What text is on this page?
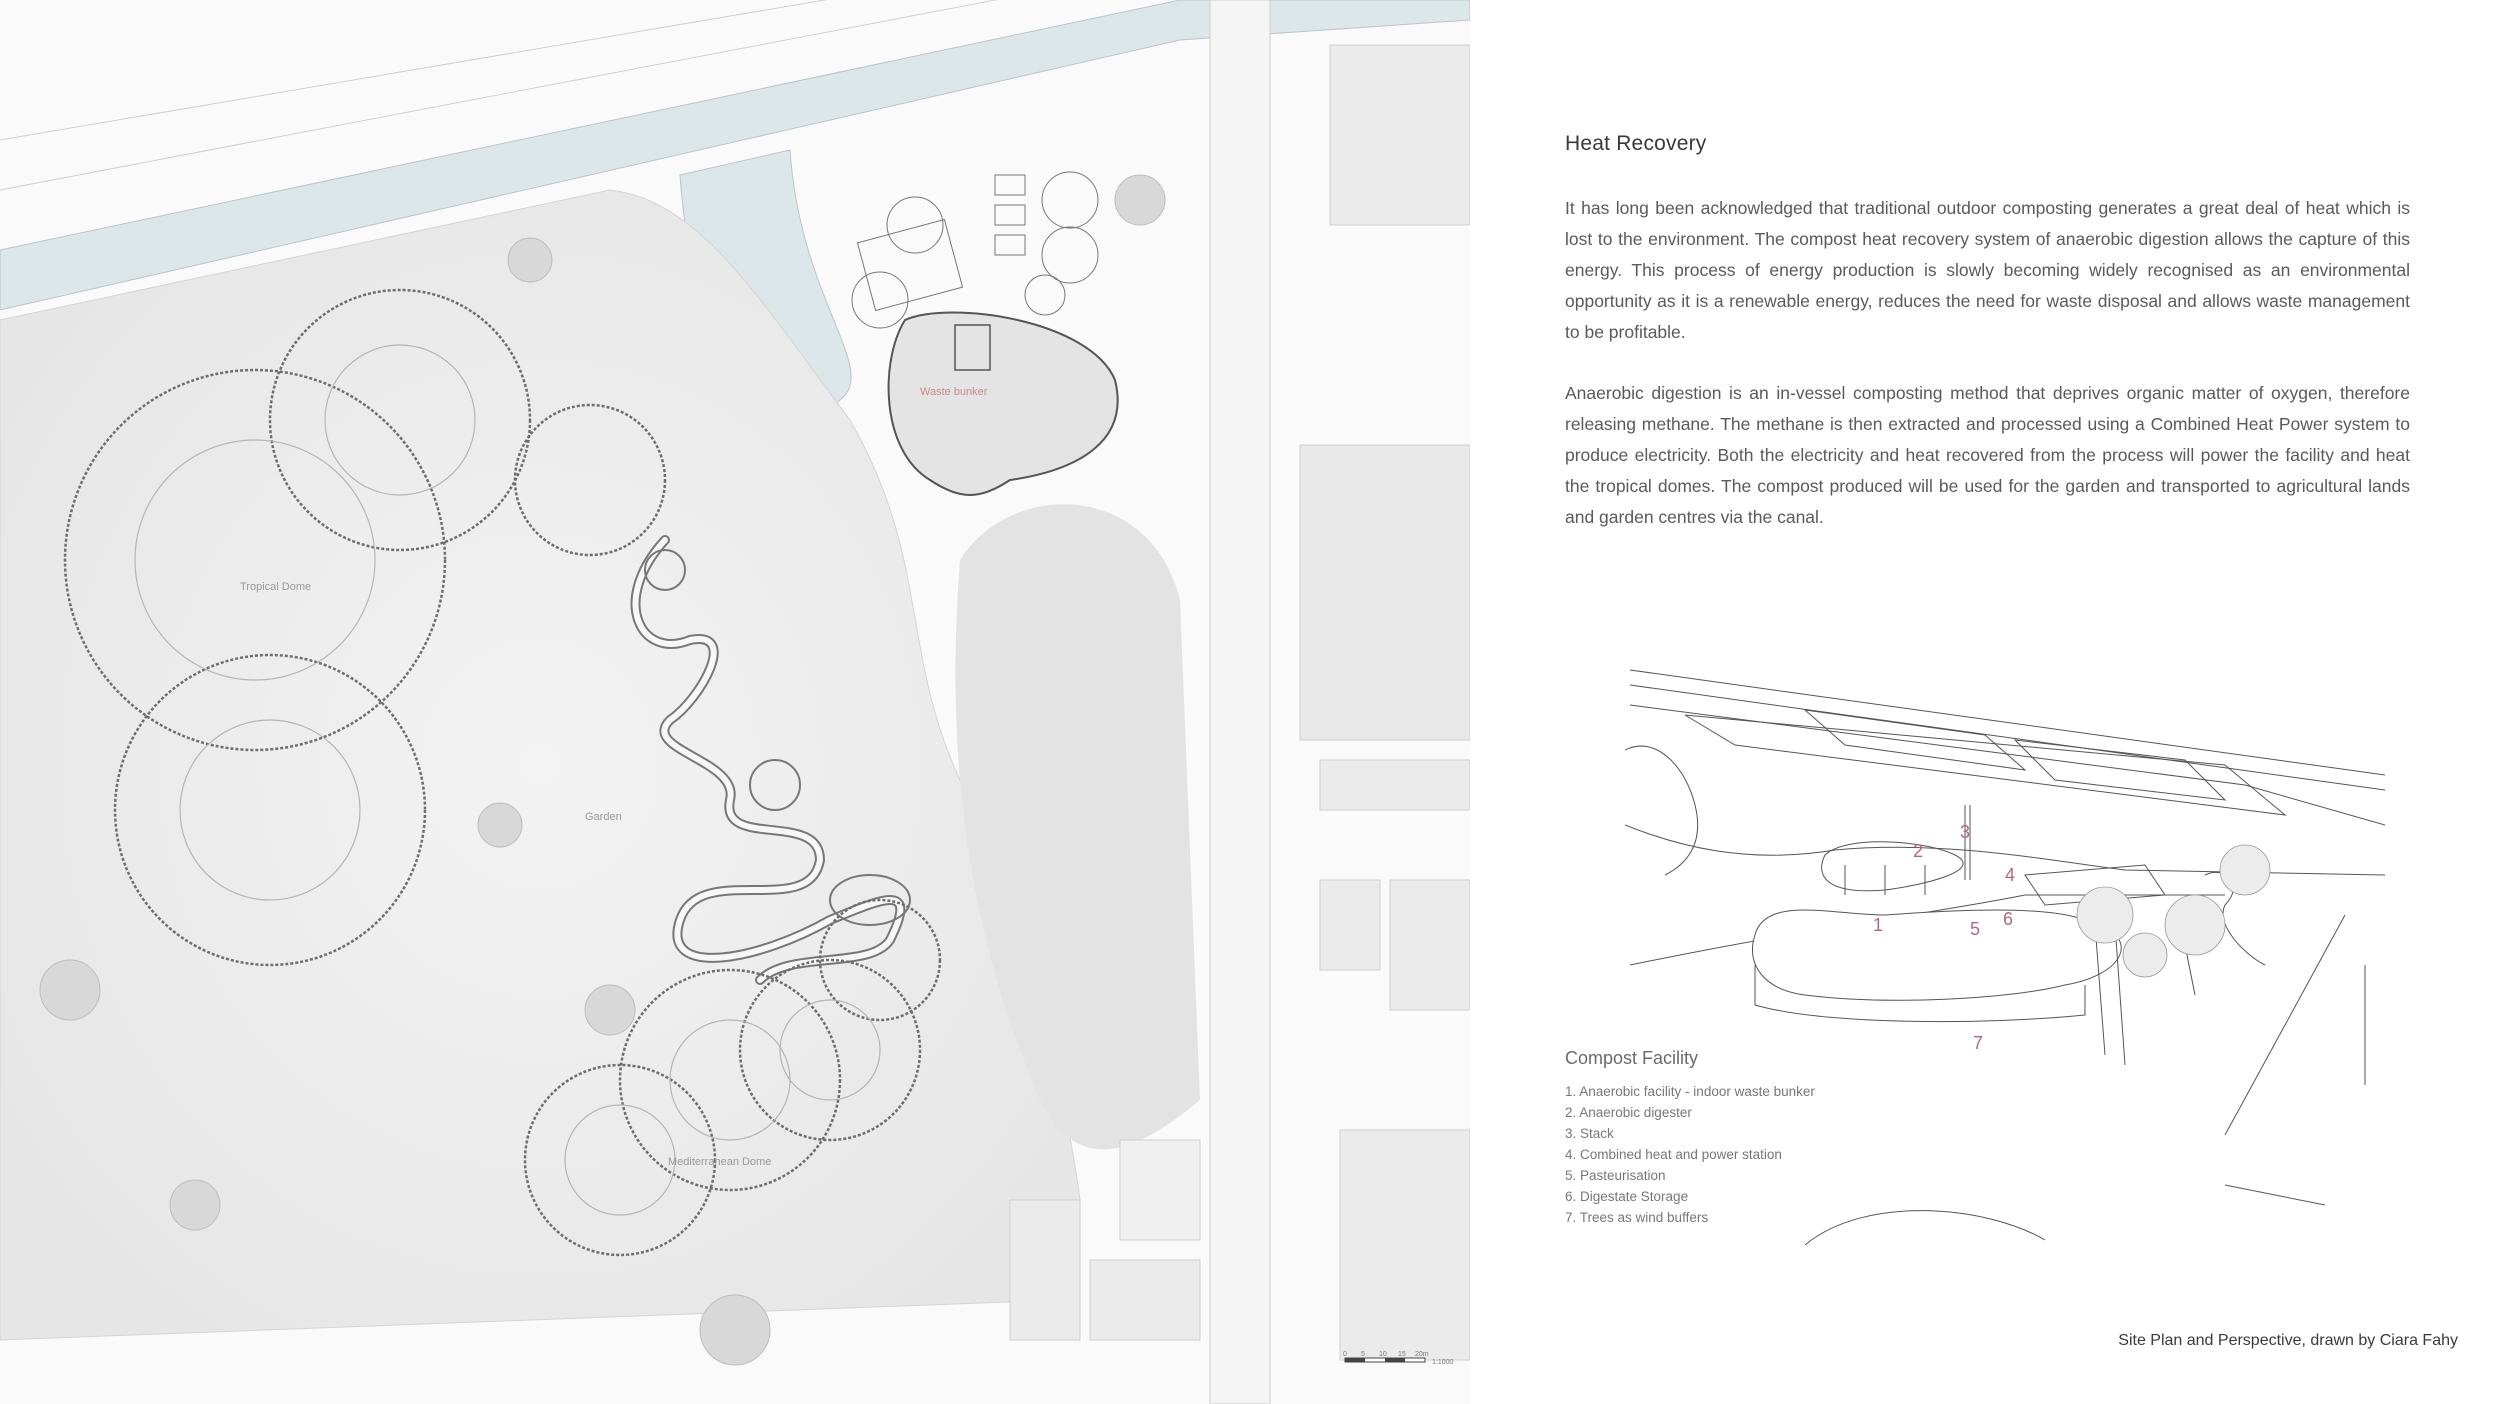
Tropical Dome
Garden
Mediterranean Dome
Waste bunker
0 5 10 15 20m
1:1000
Heat Recovery

It has long been acknowledged that traditional outdoor composting generates a great deal of heat which is lost to the environment. The compost heat recovery system of anaerobic digestion allows the capture of this energy. This process of energy production is slowly becoming widely recognised as an environmental opportunity as it is a renewable energy, reduces the need for waste disposal and allows waste management to be profitable.

Anaerobic digestion is an in-vessel composting method that deprives organic matter of oxygen, therefore releasing methane. The methane is then extracted and processed using a Combined Heat Power system to produce electricity. Both the electricity and heat recovered from the process will power the facility and heat the tropical domes. The compost produced will be used for the garden and transported to agricultural lands and garden centres via the canal.

1
2
3
4
5 6
7
Compost Facility
1. Anaerobic facility - indoor waste bunker
2. Anaerobic digester
3. Stack
4. Combined heat and power station
5. Pasteurisation
6. Digestate Storage
7. Trees as wind buffers
Site Plan and Perspective, drawn by Ciara Fahy
